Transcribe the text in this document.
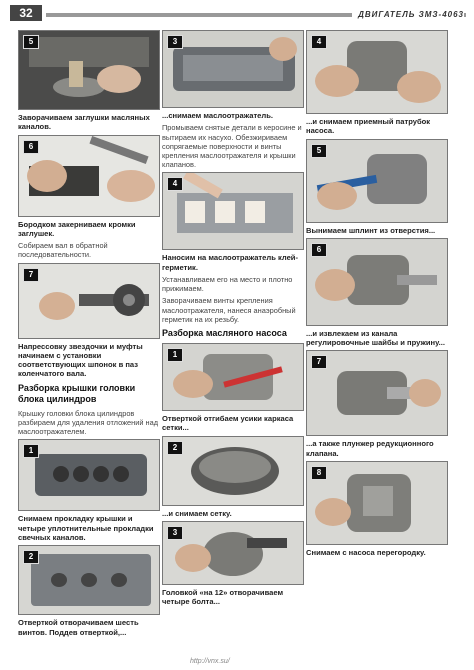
32	ДВИГАТЕЛЬ ЗМЗ-4063
5
Заворачиваем заглушки масляных каналов.
6
Бородком закерниваем кромки заглушек.
Собираем вал в обратной последовательности.
7
Напрессовку звездочки и муфты начинаем с установки соответствующих шпонок в паз коленчатого вала.
Разборка крышки головки блока цилиндров
Крышку головки блока цилиндров разбираем для удаления отложений над маслоотражателем.
1
Снимаем прокладку крышки и четыре уплотнительные прокладки свечных каналов.
2
Отверткой отворачиваем шесть винтов. Поддев отверткой,...
3
...снимаем маслоотражатель.
Промываем снятые детали в керосине и вытираем их насухо. Обезжириваем сопрягаемые поверхности и винты крепления маслоотражателя и крышки клапанов.
4
Наносим на маслоотражатель клей-герметик.
Устанавливаем его на место и плотно прижимаем.
Заворачиваем винты крепления маслоотражателя, нанеся анаэробный герметик на их резьбу.
Разборка масляного насоса
1
Отверткой отгибаем усики каркаса сетки...
2
...и снимаем сетку.
3
Головкой «на 12» отворачиваем четыре болта...
4
...и снимаем приемный патрубок насоса.
5
Вынимаем шплинт из отверстия...
6
...и извлекаем из канала регулировочные шайбы и пружину...
7
...а также плунжер редукционного клапана.
8
Снимаем с насоса перегородку.
http://vnx.su/
